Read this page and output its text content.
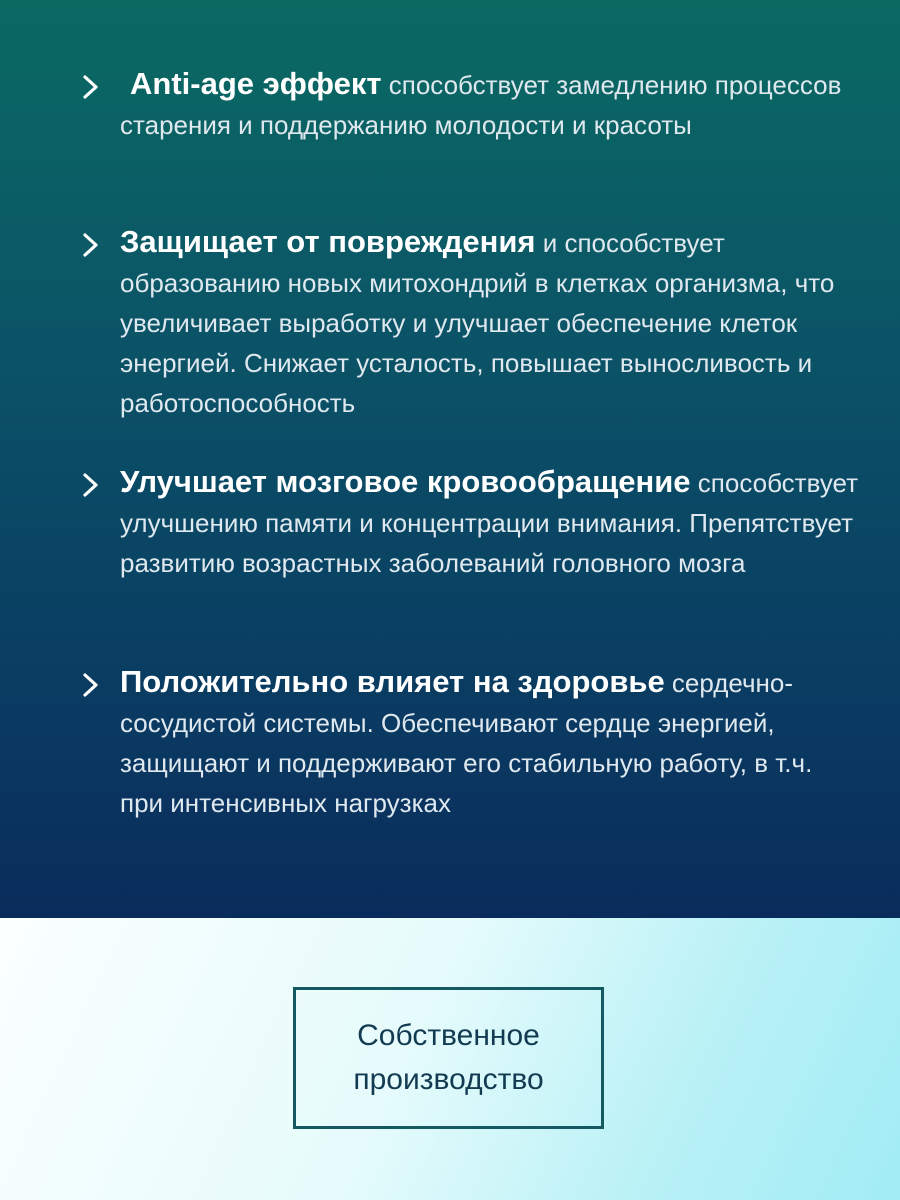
Anti-age эффект способствует замедлению процессов старения и поддержанию молодости и красоты
Защищает от повреждения и способствует образованию новых митохондрий в клетках организма, что увеличивает выработку и улучшает обеспечение клеток энергией. Снижает усталость, повышает выносливость и работоспособность
Улучшает мозговое кровообращение способствует улучшению памяти и концентрации внимания. Препятствует развитию возрастных заболеваний головного мозга
Положительно влияет на здоровье сердечно-сосудистой системы. Обеспечивают сердце энергией, защищают и поддерживают его стабильную работу, в т.ч. при интенсивных нагрузках
Собственное
производство
